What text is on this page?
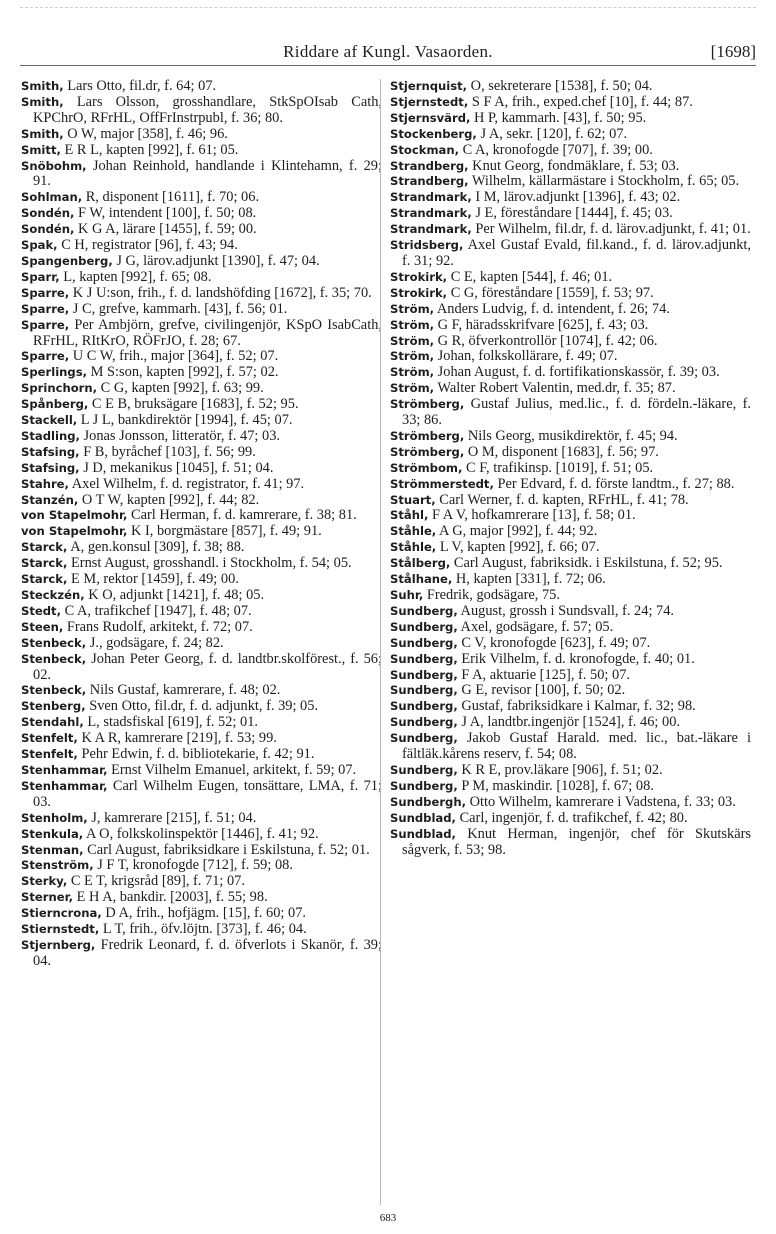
Riddare af Kungl. Vasaorden.	[1698]
Smith, Lars Otto, fil.dr, f. 64; 07.
Smith, Lars Olsson, grosshandlare, StkSpOIsab Cath, KPChrO, RFrHL, OffFrInstrpubl, f. 36; 80.
Smith, O W, major [358], f. 46; 96.
Smitt, E R L, kapten [992], f. 61; 05.
Snöbohm, Johan Reinhold, handlande i Klintehamn, f. 29; 91.
Sohlman, R, disponent [1611], f. 70; 06.
Sondén, F W, intendent [100], f. 50; 08.
Sondén, K G A, lärare [1455], f. 59; 00.
Spak, C H, registrator [96], f. 43; 94.
Spangenberg, J G, lärov.adjunkt [1390], f. 47; 04.
Sparr, L, kapten [992], f. 65; 08.
Sparre, K J U:son, frih., f. d. landshöfding [1672], f. 35; 70.
Sparre, J C, grefve, kammarh. [43], f. 56; 01.
Sparre, Per Ambjörn, grefve, civilingenjör, KSpO IsabCath, RFrHL, RItKrO, RÖFrJO, f. 28; 67.
Sparre, U C W, frih., major [364], f. 52; 07.
Sperlings, M S:son, kapten [992], f. 57; 02.
Sprinchorn, C G, kapten [992], f. 63; 99.
Spånberg, C E B, bruksägare [1683], f. 52; 95.
Stackell, L J L, bankdirektör [1994], f. 45; 07.
Stadling, Jonas Jonsson, litteratör, f. 47; 03.
Stafsing, F B, byråchef [103], f. 56; 99.
Stafsing, J D, mekanikus [1045], f. 51; 04.
Stahre, Axel Wilhelm, f. d. registrator, f. 41; 97.
Stanzén, O T W, kapten [992], f. 44; 82.
von Stapelmohr, Carl Herman, f. d. kamrerare, f. 38; 81.
von Stapelmohr, K I, borgmästare [857], f. 49; 91.
Starck, A, gen.konsul [309], f. 38; 88.
Starck, Ernst August, grosshandl. i Stockholm, f. 54; 05.
Starck, E M, rektor [1459], f. 49; 00.
Steckzén, K O, adjunkt [1421], f. 48; 05.
Stedt, C A, trafikchef [1947], f. 48; 07.
Steen, Frans Rudolf, arkitekt, f. 72; 07.
Stenbeck, J., godsägare, f. 24; 82.
Stenbeck, Johan Peter Georg, f. d. landtbr.skolförest., f. 56; 02.
Stenbeck, Nils Gustaf, kamrerare, f. 48; 02.
Stenberg, Sven Otto, fil.dr, f. d. adjunkt, f. 39; 05.
Stendahl, L, stadsfiskal [619], f. 52; 01.
Stenfelt, K A R, kamrerare [219], f. 53; 99.
Stenfelt, Pehr Edwin, f. d. bibliotekarie, f. 42; 91.
Stenhammar, Ernst Vilhelm Emanuel, arkitekt, f. 59; 07.
Stenhammar, Carl Wilhelm Eugen, tonsättare, LMA, f. 71; 03.
Stenholm, J, kamrerare [215], f. 51; 04.
Stenkula, A O, folkskolinspektör [1446], f. 41; 92.
Stenman, Carl August, fabriksidkare i Eskilstuna, f. 52; 01.
Stenström, J F T, kronofogde [712], f. 59; 08.
Sterky, C E T, krigsråd [89], f. 71; 07.
Sterner, E H A, bankdir. [2003], f. 55; 98.
Stierncrona, D A, frih., hofjägm. [15], f. 60; 07.
Stiernstedt, L T, frih., öfv.löjtn. [373], f. 46; 04.
Stjernberg, Fredrik Leonard, f. d. öfverlots i Skanör, f. 39; 04.
Stjernquist, O, sekreterare [1538], f. 50; 04.
Stjernstedt, S F A, frih., exped.chef [10], f. 44; 87.
Stjernsvärd, H P, kammarh. [43], f. 50; 95.
Stockenberg, J A, sekr. [120], f. 62; 07.
Stockman, C A, kronofogde [707], f. 39; 00.
Strandberg, Knut Georg, fondmäklare, f. 53; 03.
Strandberg, Wilhelm, källarmästare i Stockholm, f. 65; 05.
Strandmark, I M, lärov.adjunkt [1396], f. 43; 02.
Strandmark, J E, föreståndare [1444], f. 45; 03.
Strandmark, Per Wilhelm, fil.dr, f. d. lärov.adjunkt, f. 41; 01.
Stridsberg, Axel Gustaf Evald, fil.kand., f. d. lärov.adjunkt, f. 31; 92.
Strokirk, C E, kapten [544], f. 46; 01.
Strokirk, C G, föreståndare [1559], f. 53; 97.
Ström, Anders Ludvig, f. d. intendent, f. 26; 74.
Ström, G F, häradsskrifvare [625], f. 43; 03.
Ström, G R, öfverkontrollör [1074], f. 42; 06.
Ström, Johan, folkskollärare, f. 49; 07.
Ström, Johan August, f. d. fortifikationskassör, f. 39; 03.
Ström, Walter Robert Valentin, med.dr, f. 35; 87.
Strömberg, Gustaf Julius, med.lic., f. d. fördeln.-läkare, f. 33; 86.
Strömberg, Nils Georg, musikdirektör, f. 45; 94.
Strömberg, O M, disponent [1683], f. 56; 97.
Strömbom, C F, trafikinsp. [1019], f. 51; 05.
Strömmerstedt, Per Edvard, f. d. förste landtm., f. 27; 88.
Stuart, Carl Werner, f. d. kapten, RFrHL, f. 41; 78.
Ståhl, F A V, hofkamrerare [13], f. 58; 01.
Ståhle, A G, major [992], f. 44; 92.
Ståhle, L V, kapten [992], f. 66; 07.
Stålberg, Carl August, fabriksidk. i Eskilstuna, f. 52; 95.
Stålhane, H, kapten [331], f. 72; 06.
Suhr, Fredrik, godsägare, 75.
Sundberg, August, grossh i Sundsvall, f. 24; 74.
Sundberg, Axel, godsägare, f. 57; 05.
Sundberg, C V, kronofogde [623], f. 49; 07.
Sundberg, Erik Vilhelm, f. d. kronofogde, f. 40; 01.
Sundberg, F A, aktuarie [125], f. 50; 07.
Sundberg, G E, revisor [100], f. 50; 02.
Sundberg, Gustaf, fabriksidkare i Kalmar, f. 32; 98.
Sundberg, J A, landtbr.ingenjör [1524], f. 46; 00.
Sundberg, Jakob Gustaf Harald. med. lic., bat.-läkare i fältläk.kårens reserv, f. 54; 08.
Sundberg, K R E, prov.läkare [906], f. 51; 02.
Sundberg, P M, maskindir. [1028], f. 67; 08.
Sundbergh, Otto Wilhelm, kamrerare i Vadstena, f. 33; 03.
Sundblad, Carl, ingenjör, f. d. trafikchef, f. 42; 80.
Sundblad, Knut Herman, ingenjör, chef för Skutskärs sågverk, f. 53; 98.
683
